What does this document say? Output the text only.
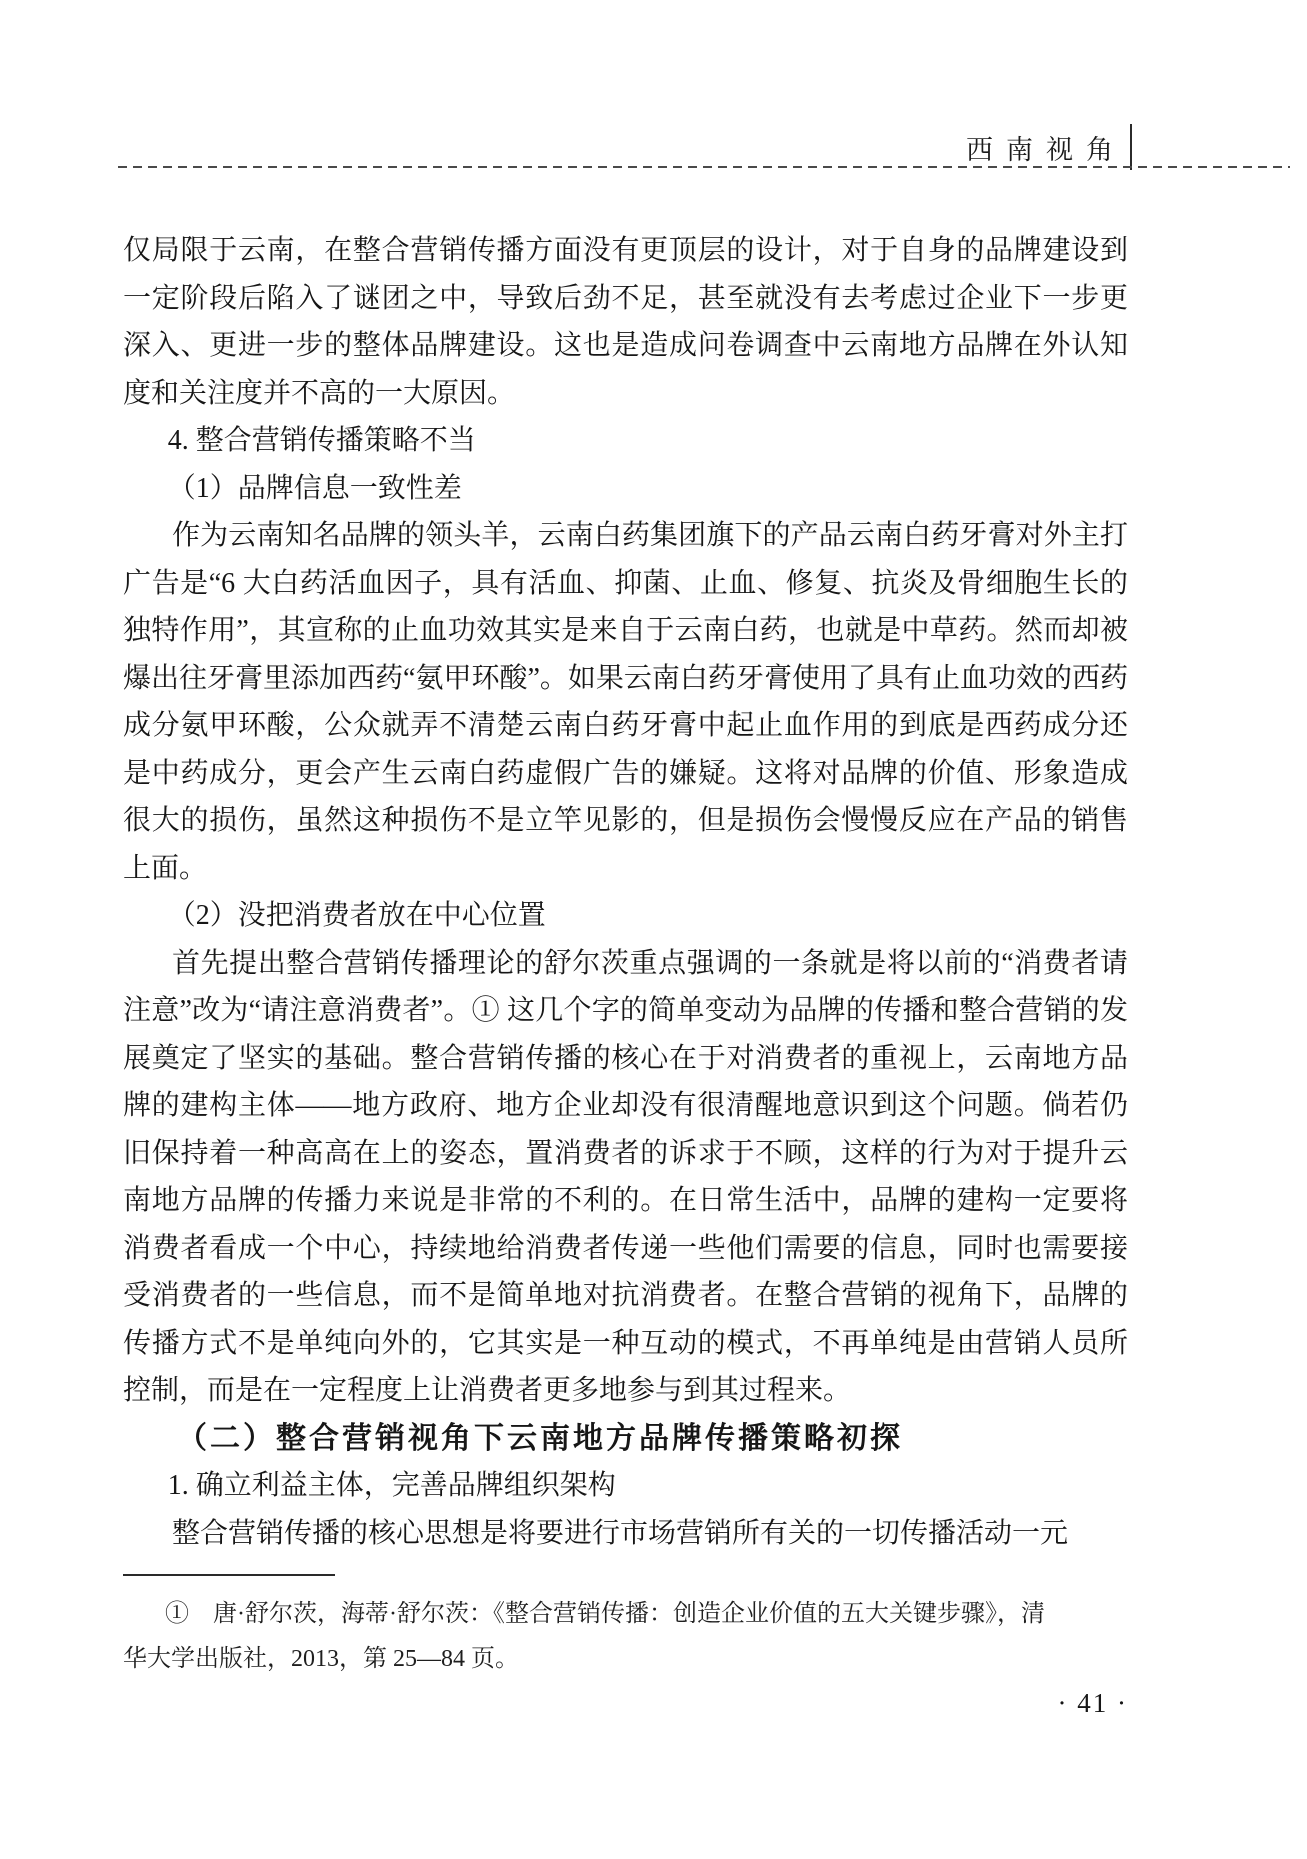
西南视角

仅局限于云南，在整合营销传播方面没有更顶层的设计，对于自身的品牌建设到一定阶段后陷入了谜团之中，导致后劲不足，甚至就没有去考虑过企业下一步更深入、更进一步的整体品牌建设。这也是造成问卷调查中云南地方品牌在外认知度和关注度并不高的一大原因。

4. 整合营销传播策略不当

（1）品牌信息一致性差

作为云南知名品牌的领头羊，云南白药集团旗下的产品云南白药牙膏对外主打广告是“6 大白药活血因子，具有活血、抑菌、止血、修复、抗炎及骨细胞生长的独特作用”，其宣称的止血功效其实是来自于云南白药，也就是中草药。然而却被爆出往牙膏里添加西药“氨甲环酸”。如果云南白药牙膏使用了具有止血功效的西药成分氨甲环酸，公众就弄不清楚云南白药牙膏中起止血作用的到底是西药成分还是中药成分，更会产生云南白药虚假广告的嫌疑。这将对品牌的价值、形象造成很大的损伤，虽然这种损伤不是立竿见影的，但是损伤会慢慢反应在产品的销售上面。

（2）没把消费者放在中心位置

首先提出整合营销传播理论的舒尔茨重点强调的一条就是将以前的“消费者请注意”改为“请注意消费者”。① 这几个字的简单变动为品牌的传播和整合营销的发展奠定了坚实的基础。整合营销传播的核心在于对消费者的重视上，云南地方品牌的建构主体——地方政府、地方企业却没有很清醒地意识到这个问题。倘若仍旧保持着一种高高在上的姿态，置消费者的诉求于不顾，这样的行为对于提升云南地方品牌的传播力来说是非常的不利的。在日常生活中，品牌的建构一定要将消费者看成一个中心，持续地给消费者传递一些他们需要的信息，同时也需要接受消费者的一些信息，而不是简单地对抗消费者。在整合营销的视角下，品牌的传播方式不是单纯向外的，它其实是一种互动的模式，不再单纯是由营销人员所控制，而是在一定程度上让消费者更多地参与到其过程来。

（二）整合营销视角下云南地方品牌传播策略初探

1. 确立利益主体，完善品牌组织架构

整合营销传播的核心思想是将要进行市场营销所有关的一切传播活动一元

①　唐·舒尔茨，海蒂·舒尔茨：《整合营销传播：创造企业价值的五大关键步骤》，清

华大学出版社，2013，第 25—84 页。

· 41 ·
